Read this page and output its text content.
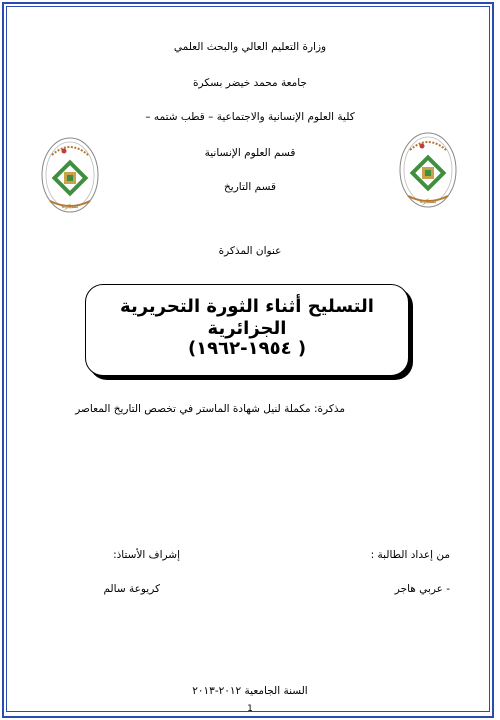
وزارة التعليم العالي والبحث العلمي
جامعة محمد خيضر بسكرة
كلية العلوم الإنسانية والاجتماعية – قطب شتمه –
قسم العلوم الإنسانية
قسم التاريخ
بسكرة
بسكرة
عنوان المذكرة
التسليح أثناء الثورة التحريرية الجزائرية
( ١٩٥٤-١٩٦٢)
مذكرة: مكملة لنيل شهادة الماستر في تخصص التاريخ المعاصر
من إعداد الطالبة :
إشراف الأستاذ:
- عربي هاجر
كريوعة سالم
السنة الجامعية ٢٠١٢-٢٠١٣
1
